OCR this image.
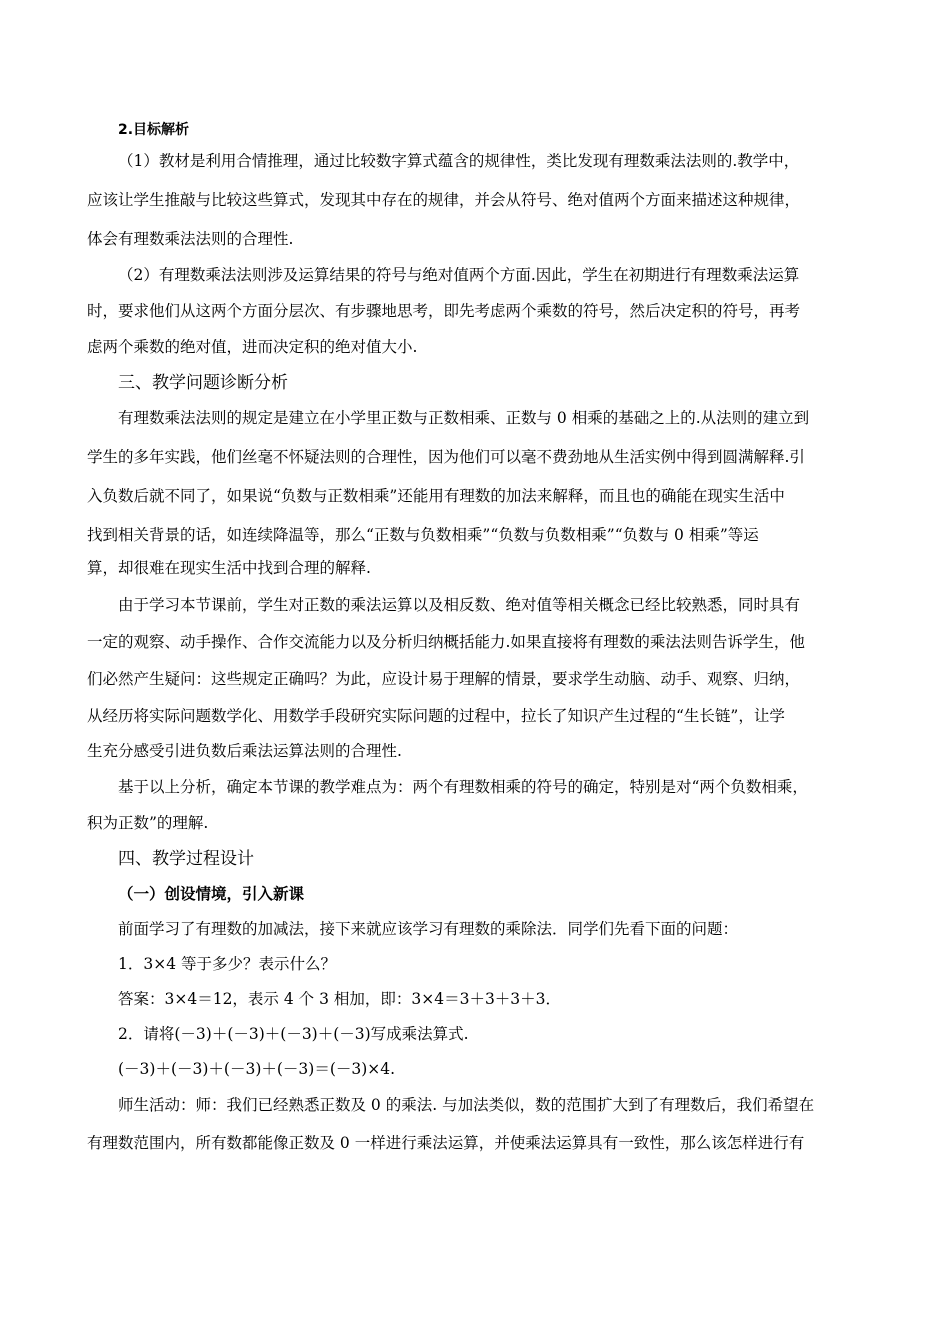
2.目标解析
（1）教材是利用合情推理，通过比较数字算式蕴含的规律性，类比发现有理数乘法法则的.教学中，
应该让学生推敲与比较这些算式，发现其中存在的规律，并会从符号、绝对值两个方面来描述这种规律，
体会有理数乘法法则的合理性.
（2）有理数乘法法则涉及运算结果的符号与绝对值两个方面.因此，学生在初期进行有理数乘法运算
时，要求他们从这两个方面分层次、有步骤地思考，即先考虑两个乘数的符号，然后决定积的符号，再考
虑两个乘数的绝对值，进而决定积的绝对值大小.
三、教学问题诊断分析
有理数乘法法则的规定是建立在小学里正数与正数相乘、正数与 0 相乘的基础之上的.从法则的建立到
学生的多年实践，他们丝毫不怀疑法则的合理性，因为他们可以毫不费劲地从生活实例中得到圆满解释.引
入负数后就不同了，如果说“负数与正数相乘”还能用有理数的加法来解释，而且也的确能在现实生活中
找到相关背景的话，如连续降温等，那么“正数与负数相乘”“负数与负数相乘”“负数与 0 相乘”等运
算，却很难在现实生活中找到合理的解释.
由于学习本节课前，学生对正数的乘法运算以及相反数、绝对值等相关概念已经比较熟悉，同时具有
一定的观察、动手操作、合作交流能力以及分析归纳概括能力.如果直接将有理数的乘法法则告诉学生，他
们必然产生疑问：这些规定正确吗？为此，应设计易于理解的情景，要求学生动脑、动手、观察、归纳，
从经历将实际问题数学化、用数学手段研究实际问题的过程中，拉长了知识产生过程的“生长链”，让学
生充分感受引进负数后乘法运算法则的合理性.
基于以上分析，确定本节课的教学难点为：两个有理数相乘的符号的确定，特别是对“两个负数相乘，
积为正数”的理解.
四、教学过程设计
（一）创设情境，引入新课
前面学习了有理数的加减法，接下来就应该学习有理数的乘除法．同学们先看下面的问题：
1．3×4 等于多少？表示什么？
答案：3×4＝12，表示 4 个 3 相加，即：3×4＝3＋3＋3＋3．
2．请将(－3)＋(－3)＋(－3)＋(－3)写成乘法算式.
(－3)＋(－3)＋(－3)＋(－3)＝(－3)×4.
师生活动：师：我们已经熟悉正数及 0 的乘法. 与加法类似，数的范围扩大到了有理数后，我们希望在
有理数范围内，所有数都能像正数及 0 一样进行乘法运算，并使乘法运算具有一致性，那么该怎样进行有
